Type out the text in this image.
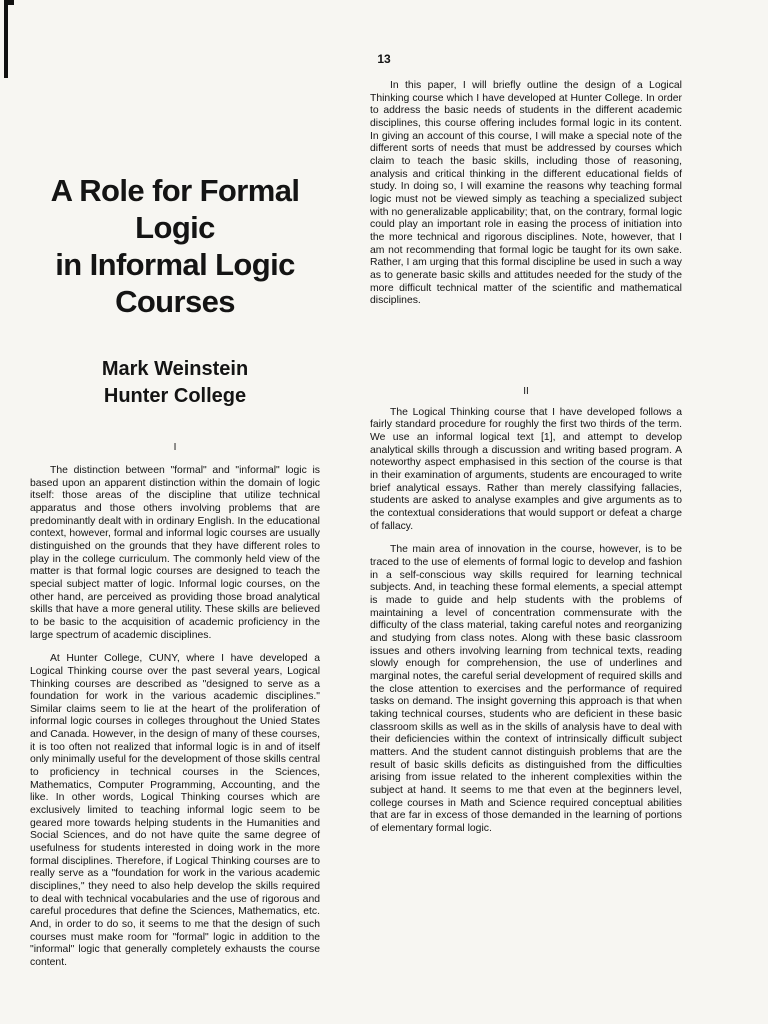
13
A Role for Formal Logic
in Informal Logic
Courses
Mark Weinstein
Hunter College
I

The distinction between "formal" and "informal" logic is based upon an apparent distinction within the domain of logic itself: those areas of the discipline that utilize technical apparatus and those others involving problems that are predominantly dealt with in ordinary English. In the educational context, however, formal and informal logic courses are usually distinguished on the grounds that they have different roles to play in the college curriculum. The commonly held view of the matter is that formal logic courses are designed to teach the special subject matter of logic. Informal logic courses, on the other hand, are perceived as providing those broad analytical skills that have a more general utility. These skills are believed to be basic to the acquisition of academic proficiency in the large spectrum of academic disciplines.

At Hunter College, CUNY, where I have developed a Logical Thinking course over the past several years, Logical Thinking courses are described as "designed to serve as a foundation for work in the various academic disciplines." Similar claims seem to lie at the heart of the proliferation of informal logic courses in colleges throughout the Unied States and Canada. However, in the design of many of these courses, it is too often not realized that informal logic is in and of itself only minimally useful for the development of those skills central to proficiency in technical courses in the Sciences, Mathematics, Computer Programming, Accounting, and the like. In other words, Logical Thinking courses which are exclusively limited to teaching informal logic seem to be geared more towards helping students in the Humanities and Social Sciences, and do not have quite the same degree of usefulness for students interested in doing work in the more formal disciplines. Therefore, if Logical Thinking courses are to really serve as a "foundation for work in the various academic disciplines," they need to also help develop the skills required to deal with technical vocabularies and the use of rigorous and careful procedures that define the Sciences, Mathematics, etc. And, in order to do so, it seems to me that the design of such courses must make room for "formal" logic in addition to the "informal" logic that generally completely exhausts the course content.

In this paper, I will briefly outline the design of a Logical Thinking course which I have developed at Hunter College. In order to address the basic needs of students in the different academic disciplines, this course offering includes formal logic in its content. In giving an account of this course, I will make a special note of the different sorts of needs that must be addressed by courses which claim to teach the basic skills, including those of reasoning, analysis and critical thinking in the different educational fields of study. In doing so, I will examine the reasons why teaching formal logic must not be viewed simply as teaching a specialized subject with no generalizable applicability; that, on the contrary, formal logic could play an important role in easing the process of initiation into the more technical and rigorous disciplines. Note, however, that I am not recommending that formal logic be taught for its own sake. Rather, I am urging that this formal discipline be used in such a way as to generate basic skills and attitudes needed for the study of the more difficult technical matter of the scientific and mathematical disciplines.

II

The Logical Thinking course that I have developed follows a fairly standard procedure for roughly the first two thirds of the term. We use an informal logical text [1], and attempt to develop analytical skills through a discussion and writing based program. A noteworthy aspect emphasised in this section of the course is that in their examination of arguments, students are encouraged to write brief analytical essays. Rather than merely classifying fallacies, students are asked to analyse examples and give arguments as to the contextual considerations that would support or defeat a charge of fallacy.

The main area of innovation in the course, however, is to be traced to the use of elements of formal logic to develop and fashion in a self-conscious way skills required for learning technical subjects. And, in teaching these formal elements, a special attempt is made to guide and help students with the problems of maintaining a level of concentration commensurate with the difficulty of the class material, taking careful notes and reorganizing and studying from class notes. Along with these basic classroom issues and others involving learning from technical texts, reading slowly enough for comprehension, the use of underlines and marginal notes, the careful serial development of required skills and the close attention to exercises and the performance of required tasks on demand. The insight governing this approach is that when taking technical courses, students who are deficient in these basic classroom skills as well as in the skills of analysis have to deal with their deficiencies within the context of intrinsically difficult subject matters. And the student cannot distinguish problems that are the result of basic skills deficits as distinguished from the difficulties arising from issue related to the inherent complexities within the subject at hand. It seems to me that even at the beginners level, college courses in Math and Science required conceptual abilities that are far in excess of those demanded in the learning of portions of elementary formal logic.
